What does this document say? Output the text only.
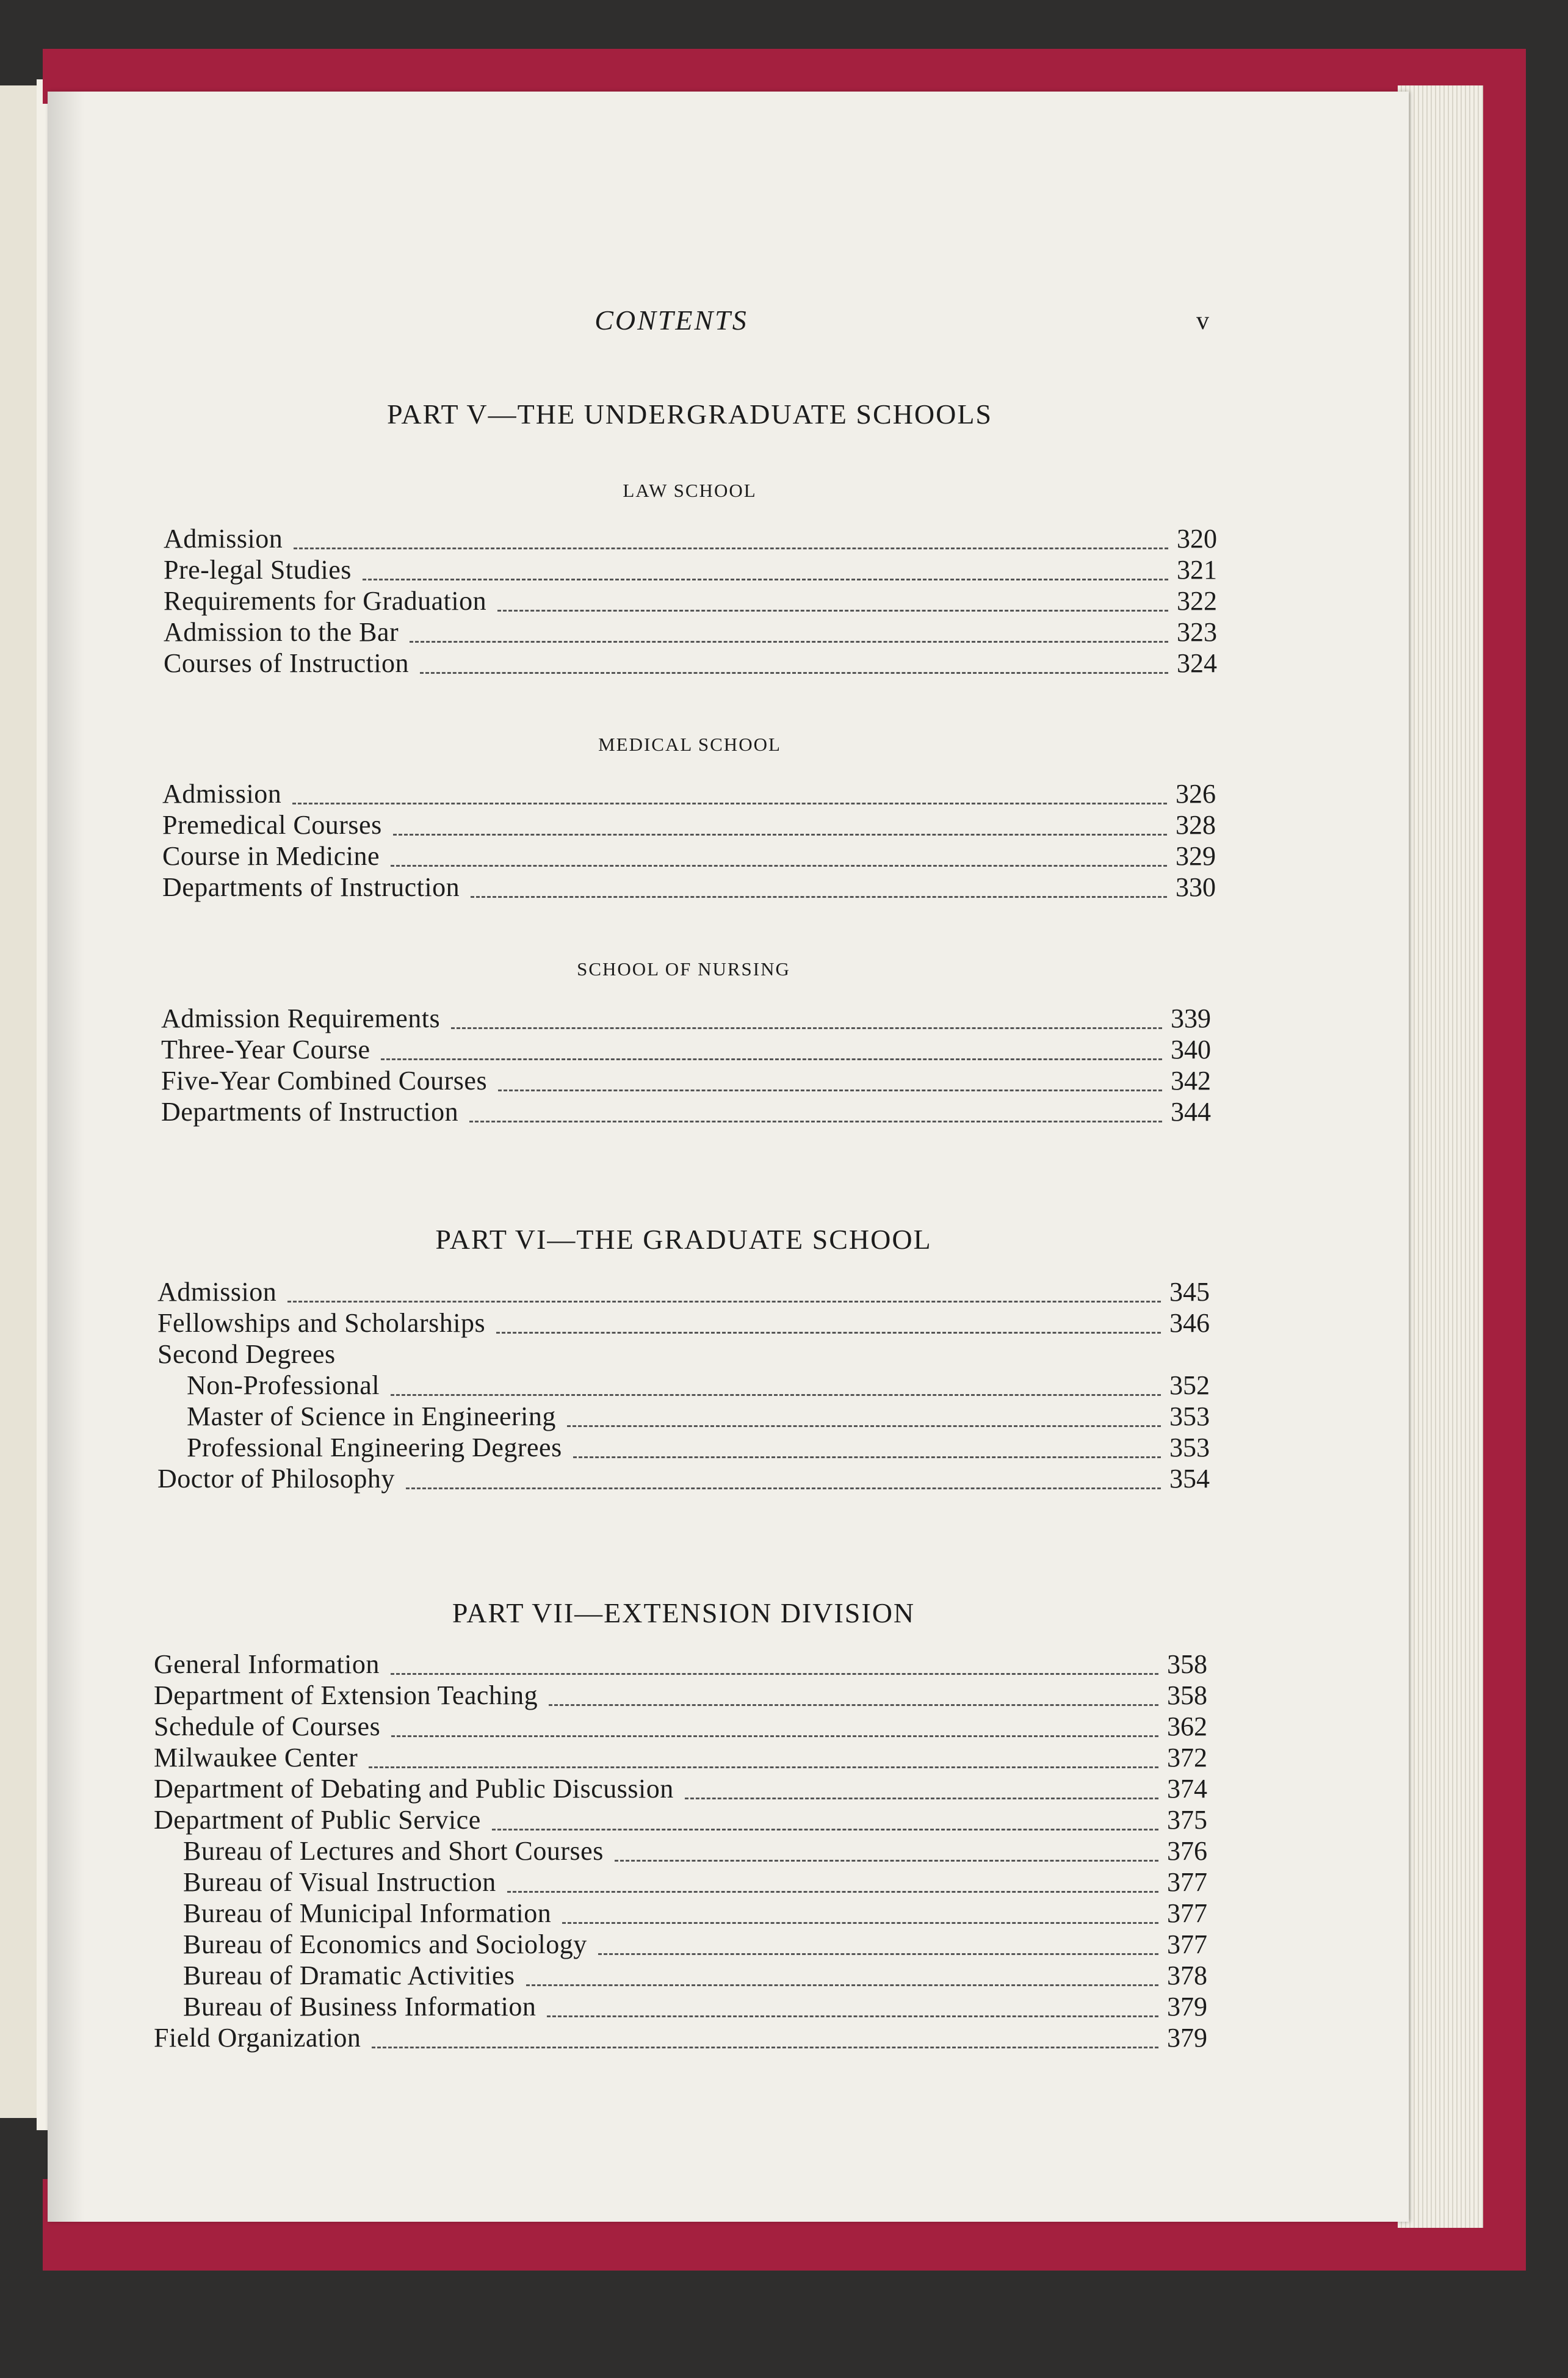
CONTENTS	v
PART V—THE UNDERGRADUATE SCHOOLS
LAW SCHOOL
Admission	320
Pre-legal Studies	321
Requirements for Graduation	322
Admission to the Bar	323
Courses of Instruction	324
MEDICAL SCHOOL
Admission	326
Premedical Courses	328
Course in Medicine	329
Departments of Instruction	330
SCHOOL OF NURSING
Admission Requirements	339
Three-Year Course	340
Five-Year Combined Courses	342
Departments of Instruction	344
PART VI—THE GRADUATE SCHOOL
Admission	345
Fellowships and Scholarships	346
Second Degrees
Non-Professional	352
Master of Science in Engineering	353
Professional Engineering Degrees	353
Doctor of Philosophy	354
PART VII—EXTENSION DIVISION
General Information	358
Department of Extension Teaching	358
Schedule of Courses	362
Milwaukee Center	372
Department of Debating and Public Discussion	374
Department of Public Service	375
Bureau of Lectures and Short Courses	376
Bureau of Visual Instruction	377
Bureau of Municipal Information	377
Bureau of Economics and Sociology	377
Bureau of Dramatic Activities	378
Bureau of Business Information	379
Field Organization	379
